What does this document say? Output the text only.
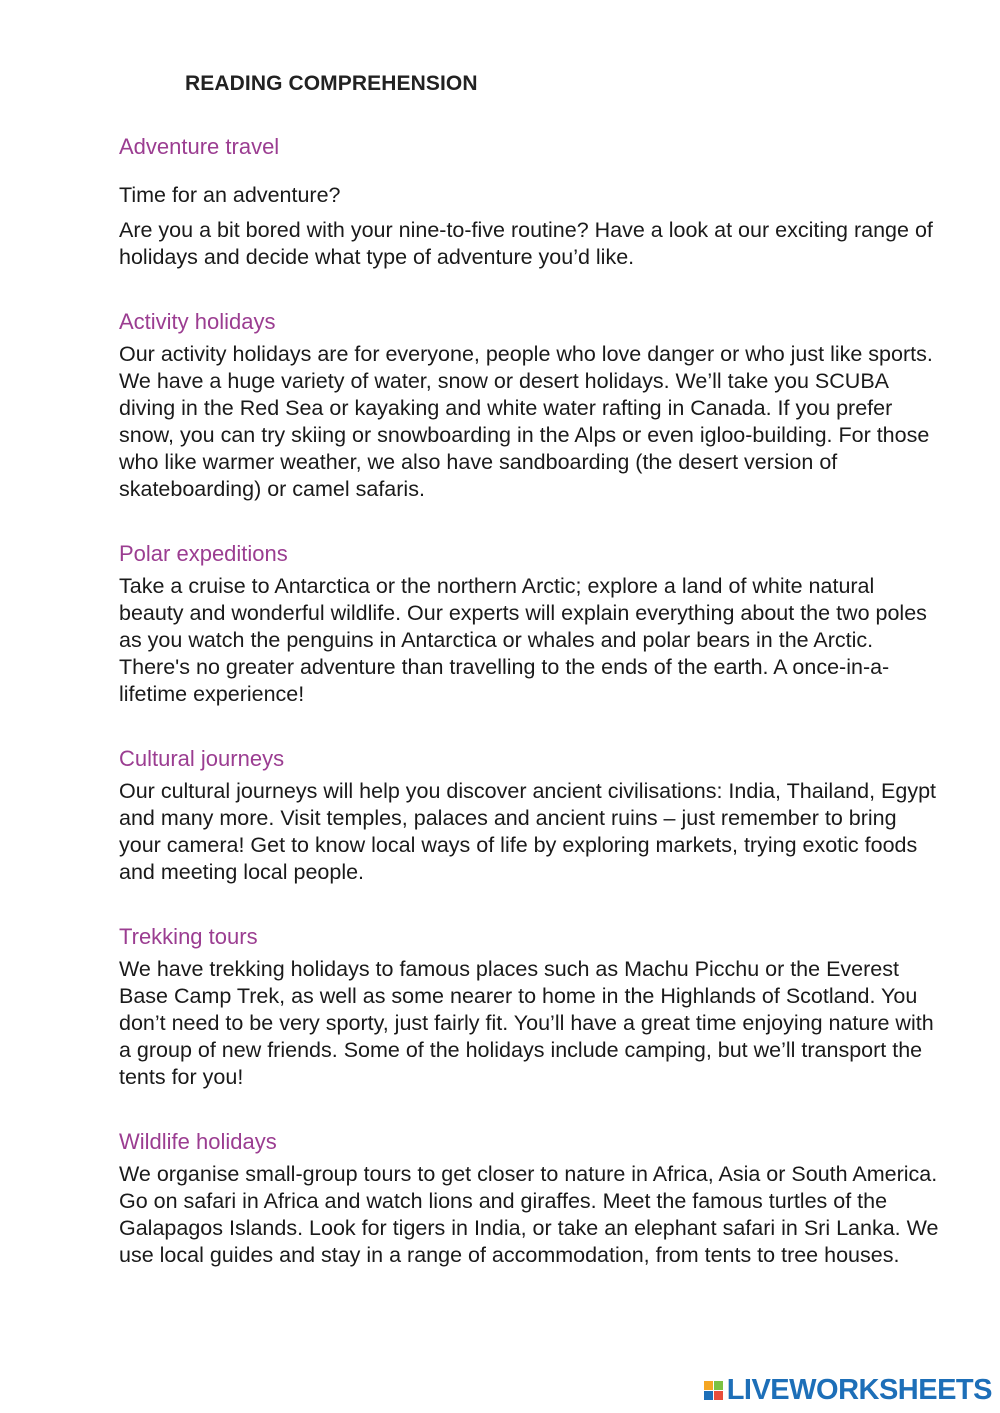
READING COMPREHENSION
Adventure travel

Time for an adventure?

Are you a bit bored with your nine-to-five routine? Have a look at our exciting range of holidays and decide what type of adventure you’d like.

Activity holidays

Our activity holidays are for everyone, people who love danger or who just like sports. We have a huge variety of water, snow or desert holidays. We’ll take you SCUBA diving in the Red Sea or kayaking and white water rafting in Canada. If you prefer snow, you can try skiing or snowboarding in the Alps or even igloo-building. For those who like warmer weather, we also have sandboarding (the desert version of skateboarding) or camel safaris.

Polar expeditions

Take a cruise to Antarctica or the northern Arctic; explore a land of white natural beauty and wonderful wildlife. Our experts will explain everything about the two poles as you watch the penguins in Antarctica or whales and polar bears in the Arctic. There's no greater adventure than travelling to the ends of the earth. A once-in-a-lifetime experience!

Cultural journeys

Our cultural journeys will help you discover ancient civilisations: India, Thailand, Egypt and many more. Visit temples, palaces and ancient ruins – just remember to bring your camera! Get to know local ways of life by exploring markets, trying exotic foods and meeting local people.

Trekking tours

We have trekking holidays to famous places such as Machu Picchu or the Everest Base Camp Trek, as well as some nearer to home in the Highlands of Scotland. You don’t need to be very sporty, just fairly fit. You’ll have a great time enjoying nature with a group of new friends. Some of the holidays include camping, but we’ll transport the tents for you!

Wildlife holidays

We organise small-group tours to get closer to nature in Africa, Asia or South America. Go on safari in Africa and watch lions and giraffes. Meet the famous turtles of the Galapagos Islands. Look for tigers in India, or take an elephant safari in Sri Lanka. We use local guides and stay in a range of accommodation, from tents to tree houses.

LIVEWORKSHEETS
